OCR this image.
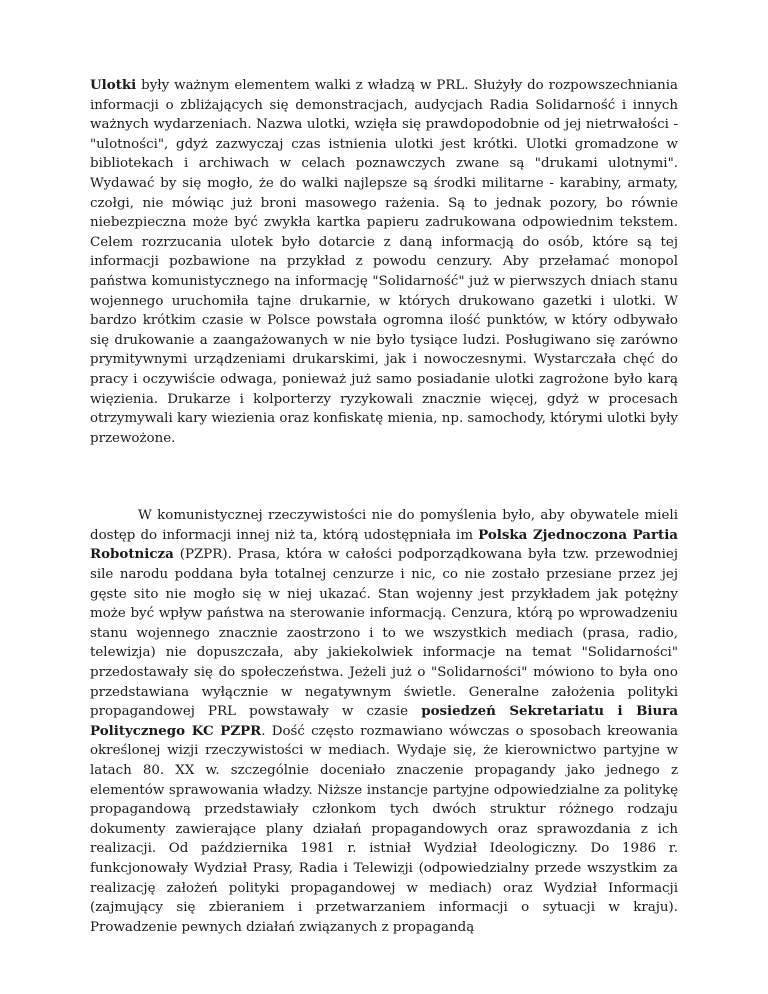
Ulotki były ważnym elementem walki z władzą w PRL. Służyły do rozpowszechniania informacji o zbliżających się demonstracjach, audycjach Radia Solidarność i innych ważnych wydarzeniach. Nazwa ulotki, wzięła się prawdopodobnie od jej nietrwałości - "ulotności", gdyż zazwyczaj czas istnienia ulotki jest krótki. Ulotki gromadzone w bibliotekach i archiwach w celach poznawczych zwane są "drukami ulotnymi". Wydawać by się mogło, że do walki najlepsze są środki militarne - karabiny, armaty, czołgi, nie mówiąc już broni masowego rażenia. Są to jednak pozory, bo równie niebezpieczna może być zwykła kartka papieru zadrukowana odpowiednim tekstem. Celem rozrzucania ulotek było dotarcie z daną informacją do osób, które są tej informacji pozbawione na przykład z powodu cenzury. Aby przełamać monopol państwa komunistycznego na informację "Solidarność" już w pierwszych dniach stanu wojennego uruchomiła tajne drukarnie, w których drukowano gazetki i ulotki. W bardzo krótkim czasie w Polsce powstała ogromna ilość punktów, w który odbywało się drukowanie a zaangażowanych w nie było tysiące ludzi. Posługiwano się zarówno prymitywnymi urządzeniami drukarskimi, jak i nowoczesnymi. Wystarczała chęć do pracy i oczywiście odwaga, ponieważ już samo posiadanie ulotki zagrożone było karą więzienia. Drukarze i kolporterzy ryzykowali znacznie więcej, gdyż w procesach otrzymywali kary wiezienia oraz konfiskatę mienia, np. samochody, którymi ulotki były przewożone.

W komunistycznej rzeczywistości nie do pomyślenia było, aby obywatele mieli dostęp do informacji innej niż ta, którą udostępniała im Polska Zjednoczona Partia Robotnicza (PZPR). Prasa, która w całości podporządkowana była tzw. przewodniej sile narodu poddana była totalnej cenzurze i nic, co nie zostało przesiane przez jej gęste sito nie mogło się w niej ukazać. Stan wojenny jest przykładem jak potężny może być wpływ państwa na sterowanie informacją. Cenzura, którą po wprowadzeniu stanu wojennego znacznie zaostrzono i to we wszystkich mediach (prasa, radio, telewizja) nie dopuszczała, aby jakiekolwiek informacje na temat "Solidarności" przedostawały się do społeczeństwa. Jeżeli już o "Solidarności" mówiono to była ono przedstawiana wyłącznie w negatywnym świetle. Generalne założenia polityki propagandowej PRL powstawały w czasie posiedzeń Sekretariatu i Biura Politycznego KC PZPR. Dość często rozmawiano wówczas o sposobach kreowania określonej wizji rzeczywistości w mediach. Wydaje się, że kierownictwo partyjne w latach 80. XX w. szczególnie doceniało znaczenie propagandy jako jednego z elementów sprawowania władzy. Niższe instancje partyjne odpowiedzialne za politykę propagandową przedstawiały członkom tych dwóch struktur różnego rodzaju dokumenty zawierające plany działań propagandowych oraz sprawozdania z ich realizacji. Od października 1981 r. istniał Wydział Ideologiczny. Do 1986 r. funkcjonowały Wydział Prasy, Radia i Telewizji (odpowiedzialny przede wszystkim za realizację założeń polityki propagandowej w mediach) oraz Wydział Informacji (zajmujący się zbieraniem i przetwarzaniem informacji o sytuacji w kraju). Prowadzenie pewnych działań związanych z propagandą
